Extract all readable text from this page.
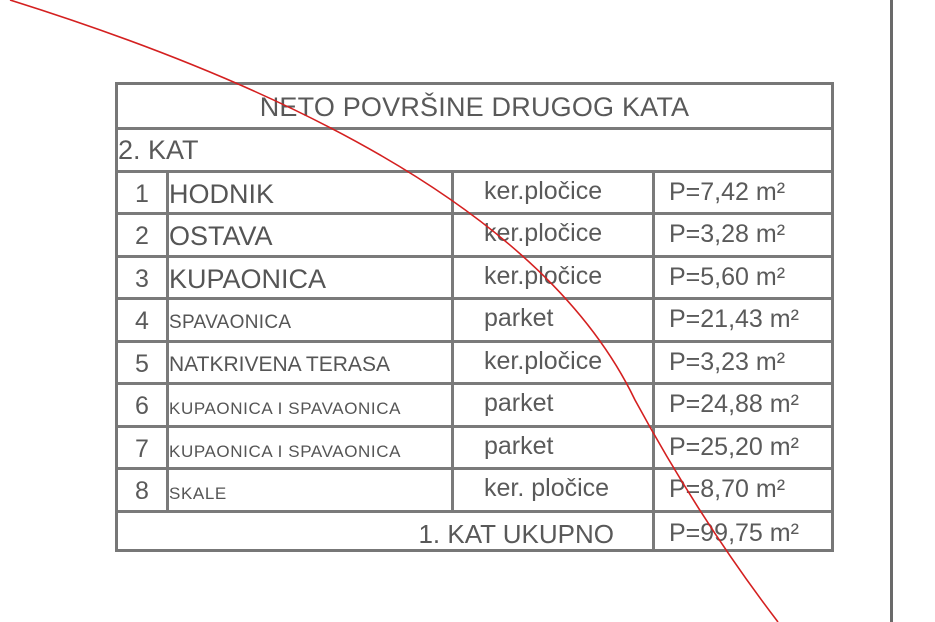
NETO POVRŠINE DRUGOG KATA
2. KAT
1 HODNIK	ker.pločice	P=7,42 m²
2 OSTAVA	ker.pločice	P=3,28 m²
3 KUPAONICA	ker.pločice	P=5,60 m²
4	SPAVAONICA	parket	P=21,43 m²
5 NATKRIVENA TERASA	ker.pločice	P=3,23 m²
6	KUPAONICA I SPAVAONICA	parket	P=24,88 m²
7	KUPAONICA I SPAVAONICA	parket	P=25,20 m²
8	SKALE	ker. pločice	P=8,70 m²
1. KAT UKUPNO	P=99,75 m²
